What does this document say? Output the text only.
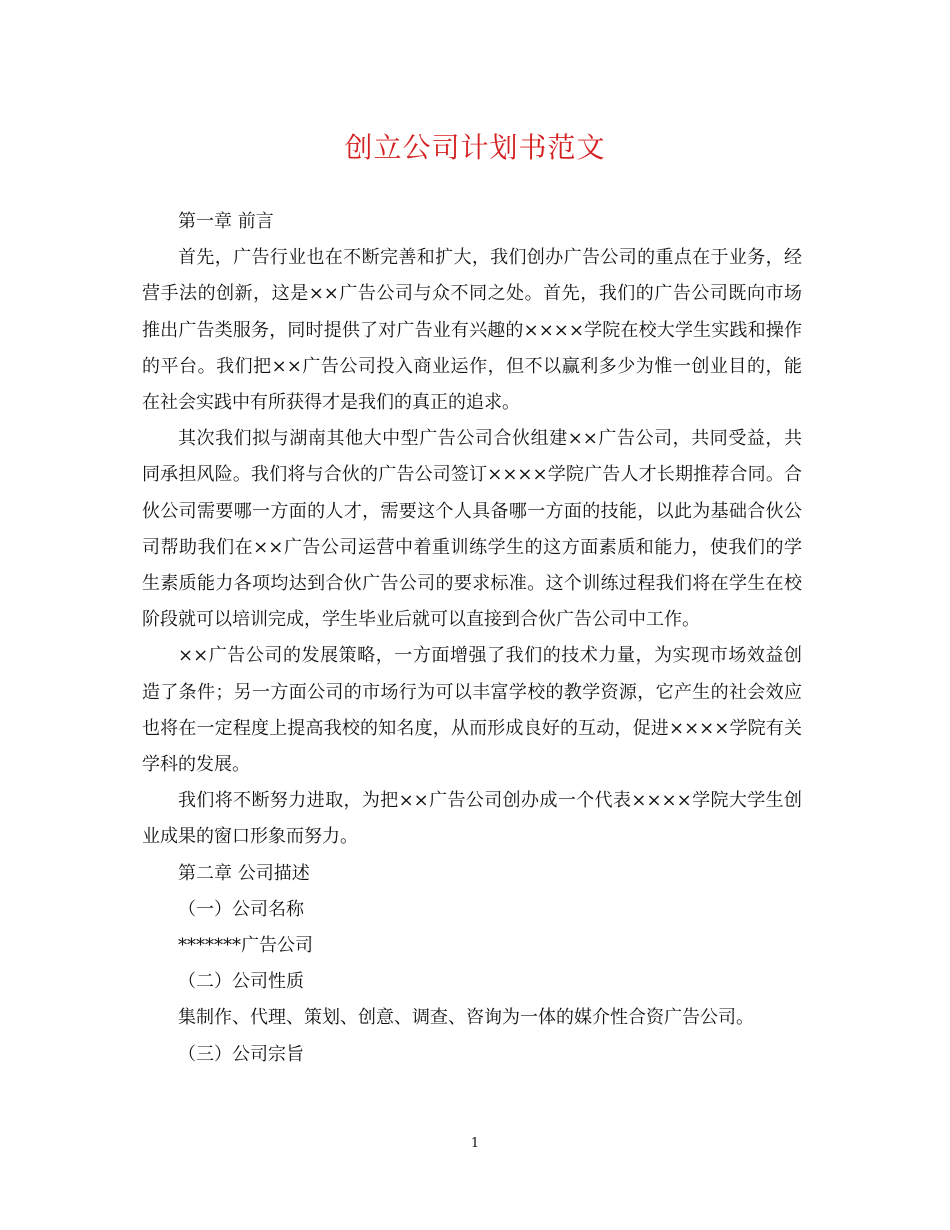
创立公司计划书范文

第一章 前言

首先，广告行业也在不断完善和扩大，我们创办广告公司的重点在于业务，经营手法的创新，这是××广告公司与众不同之处。首先，我们的广告公司既向市场推出广告类服务，同时提供了对广告业有兴趣的××××学院在校大学生实践和操作的平台。我们把××广告公司投入商业运作，但不以赢利多少为惟一创业目的，能在社会实践中有所获得才是我们的真正的追求。

其次我们拟与湖南其他大中型广告公司合伙组建××广告公司，共同受益，共同承担风险。我们将与合伙的广告公司签订××××学院广告人才长期推荐合同。合伙公司需要哪一方面的人才，需要这个人具备哪一方面的技能，以此为基础合伙公司帮助我们在××广告公司运营中着重训练学生的这方面素质和能力，使我们的学生素质能力各项均达到合伙广告公司的要求标准。这个训练过程我们将在学生在校阶段就可以培训完成，学生毕业后就可以直接到合伙广告公司中工作。

××广告公司的发展策略，一方面增强了我们的技术力量，为实现市场效益创造了条件；另一方面公司的市场行为可以丰富学校的教学资源，它产生的社会效应也将在一定程度上提高我校的知名度，从而形成良好的互动，促进××××学院有关学科的发展。

我们将不断努力进取，为把××广告公司创办成一个代表××××学院大学生创业成果的窗口形象而努力。

第二章 公司描述

（一）公司名称

*******广告公司

（二）公司性质

集制作、代理、策划、创意、调查、咨询为一体的媒介性合资广告公司。

（三）公司宗旨

1
